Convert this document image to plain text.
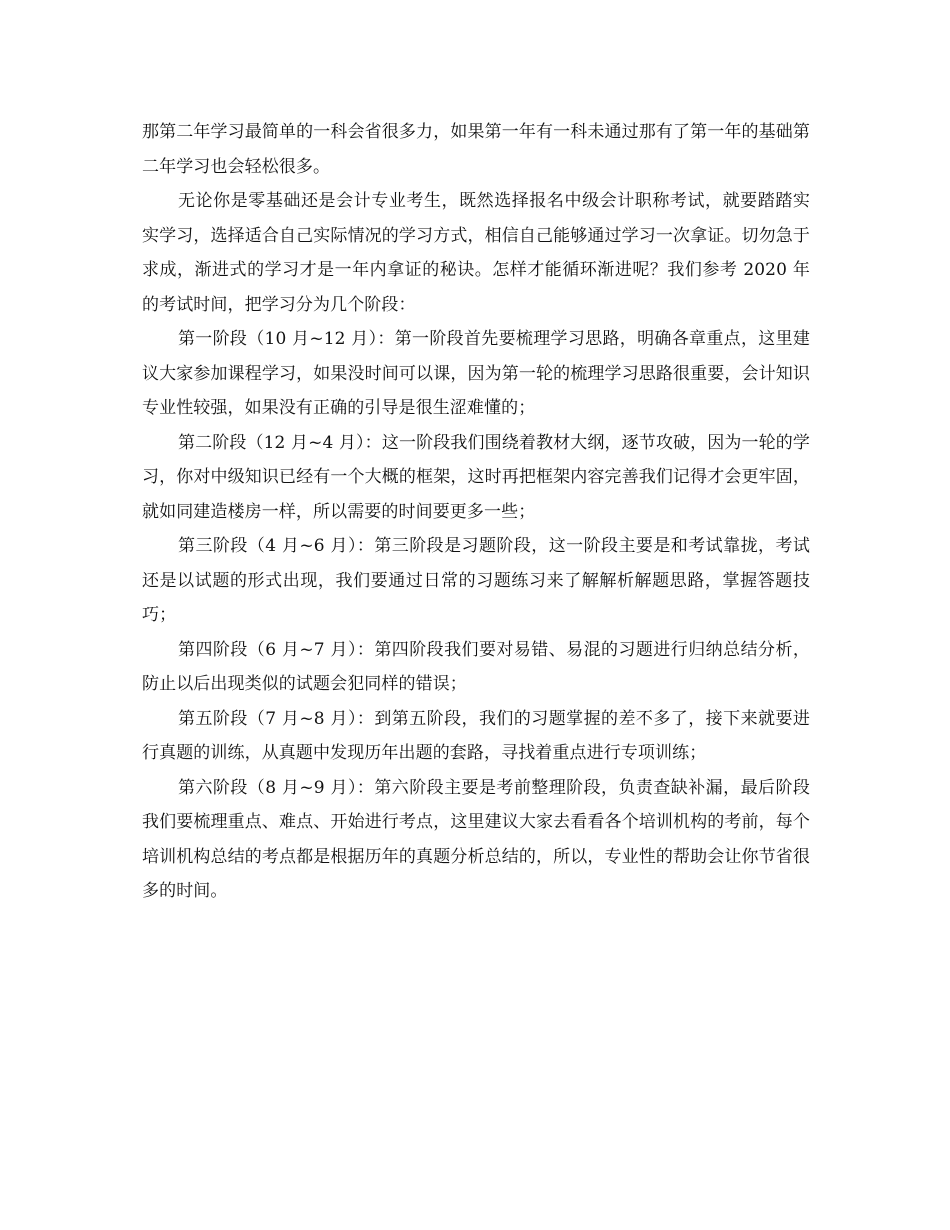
那第二年学习最简单的一科会省很多力，如果第一年有一科未通过那有了第一年的基础第二年学习也会轻松很多。

无论你是零基础还是会计专业考生，既然选择报名中级会计职称考试，就要踏踏实实学习，选择适合自己实际情况的学习方式，相信自己能够通过学习一次拿证。切勿急于求成，渐进式的学习才是一年内拿证的秘诀。怎样才能循环渐进呢？我们参考 2020 年的考试时间，把学习分为几个阶段：

第一阶段（10 月~12 月）：第一阶段首先要梳理学习思路，明确各章重点，这里建议大家参加课程学习，如果没时间可以课，因为第一轮的梳理学习思路很重要，会计知识专业性较强，如果没有正确的引导是很生涩难懂的；

第二阶段（12 月~4 月）：这一阶段我们围绕着教材大纲，逐节攻破，因为一轮的学习，你对中级知识已经有一个大概的框架，这时再把框架内容完善我们记得才会更牢固，就如同建造楼房一样，所以需要的时间要更多一些；

第三阶段（4 月~6 月）：第三阶段是习题阶段，这一阶段主要是和考试靠拢，考试还是以试题的形式出现，我们要通过日常的习题练习来了解解析解题思路，掌握答题技巧；

第四阶段（6 月~7 月）：第四阶段我们要对易错、易混的习题进行归纳总结分析，防止以后出现类似的试题会犯同样的错误；

第五阶段（7 月~8 月）：到第五阶段，我们的习题掌握的差不多了，接下来就要进行真题的训练，从真题中发现历年出题的套路，寻找着重点进行专项训练；

第六阶段（8 月~9 月）：第六阶段主要是考前整理阶段，负责查缺补漏，最后阶段我们要梳理重点、难点、开始进行考点，这里建议大家去看看各个培训机构的考前，每个培训机构总结的考点都是根据历年的真题分析总结的，所以，专业性的帮助会让你节省很多的时间。
